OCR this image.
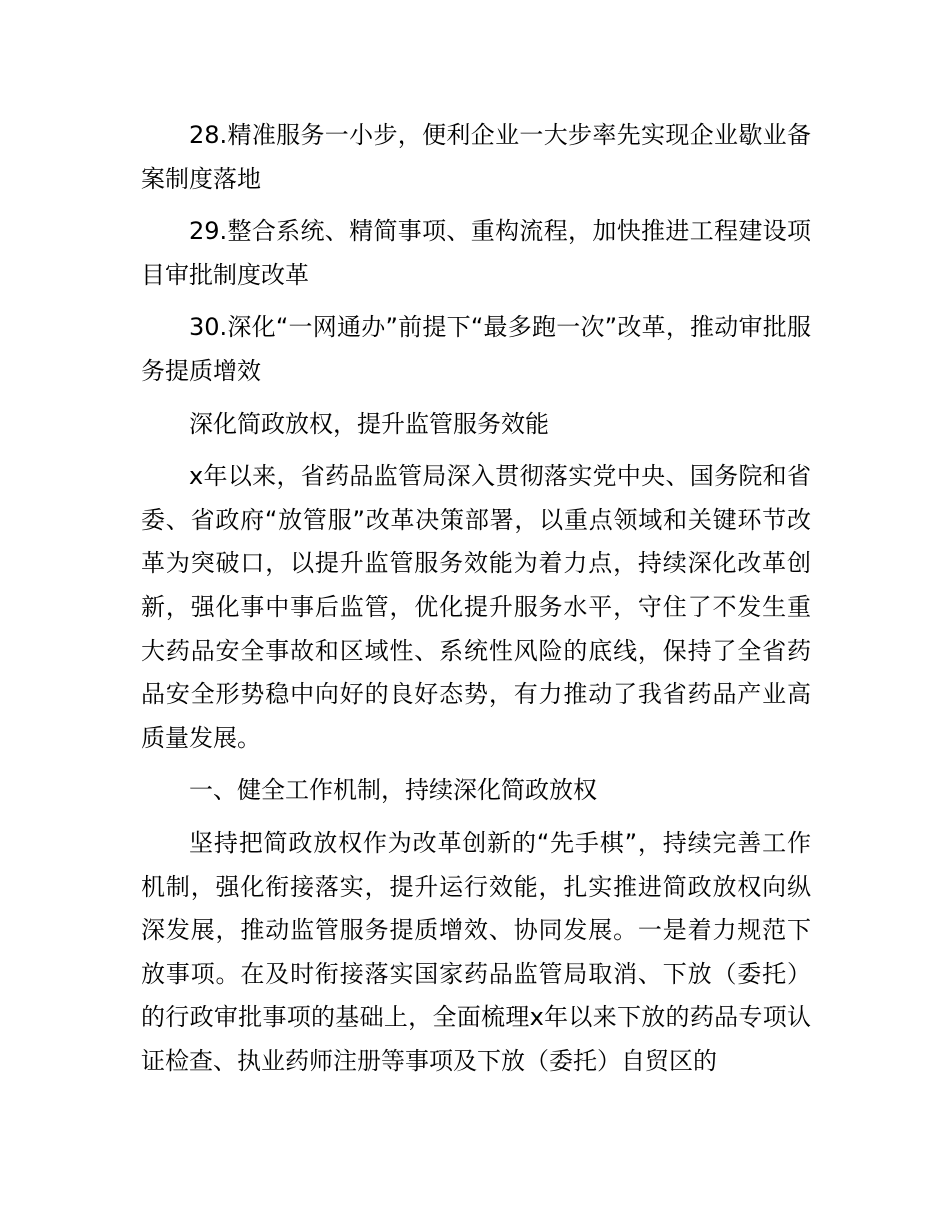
28.精准服务一小步，便利企业一大步率先实现企业歇业备案制度落地

29.整合系统、精简事项、重构流程，加快推进工程建设项目审批制度改革

30.深化“一网通办”前提下“最多跑一次”改革，推动审批服务提质增效

深化简政放权，提升监管服务效能

x年以来，省药品监管局深入贯彻落实党中央、国务院和省委、省政府“放管服”改革决策部署，以重点领域和关键环节改革为突破口，以提升监管服务效能为着力点，持续深化改革创新，强化事中事后监管，优化提升服务水平，守住了不发生重大药品安全事故和区域性、系统性风险的底线，保持了全省药品安全形势稳中向好的良好态势，有力推动了我省药品产业高质量发展。

一、健全工作机制，持续深化简政放权

坚持把简政放权作为改革创新的“先手棋”，持续完善工作机制，强化衔接落实，提升运行效能，扎实推进简政放权向纵深发展，推动监管服务提质增效、协同发展。一是着力规范下放事项。在及时衔接落实国家药品监管局取消、下放（委托）的行政审批事项的基础上，全面梳理x年以来下放的药品专项认证检查、执业药师注册等事项及下放（委托）自贸区的
